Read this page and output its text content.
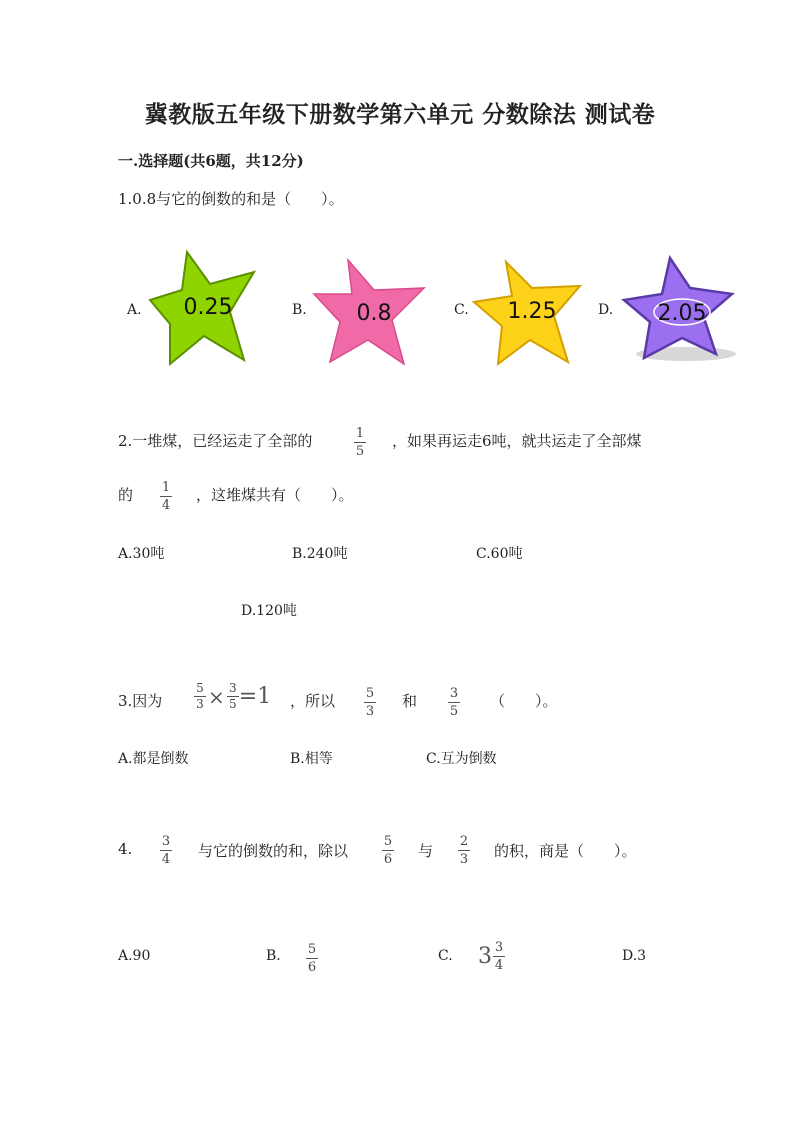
冀教版五年级下册数学第六单元 分数除法 测试卷
一.选择题(共6题，共12分)
1.0.8与它的倒数的和是（　　）。
A. 0.25	B. 0.8	C. 1.25	D. 2.05
2.一堆煤，已经运走了全部的	1
5
，如果再运走6吨，就共运走了全部煤
的 1
4
，这堆煤共有（　　）。
A.30吨	B.240吨	C.60吨
D.120吨
3.因为	$\frac{5}{3} \times \frac{3}{5} =1$ ，所以 5
3
和	3
5
（　　）。
A.都是倒数	B.相等	C.互为倒数
4. 3
4 与它的倒数的和，除以
5
6 与
2
3 的积，商是（　　）。
A.90	B. 5
6
C. $3 \frac{3}{4}$	D.3
